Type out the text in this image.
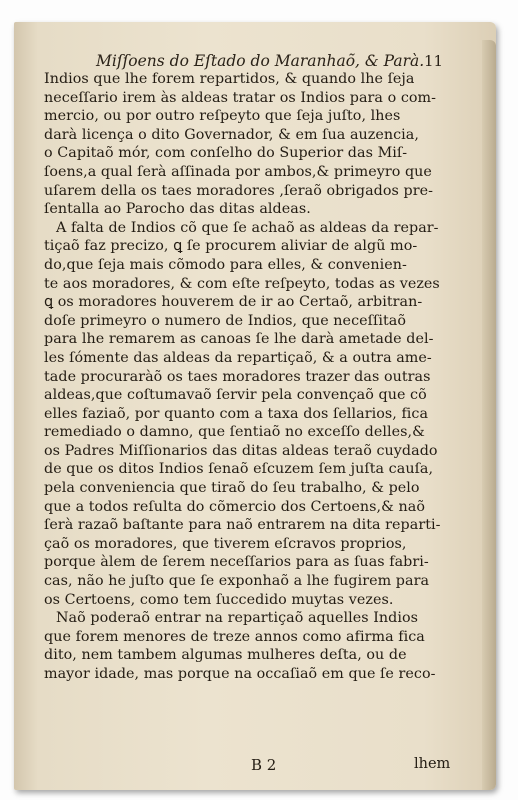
Miſſoens do Eſtado do Maranhaõ, & Parà. 11
Indios que lhe forem repartidos, & quando lhe ſeja
neceſſario irem às aldeas tratar os Indios para o com-
mercio, ou por outro reſpeyto que ſeja juſto, lhes
darà licença o dito Governador, & em ſua auzencia,
o Capitaõ mór, com conſelho do Superior das Miſ-
ſoens,a qual ſerà aſſinada por ambos,& primeyro que
uſarem della os taes moradores ,ſeraõ obrigados pre-
ſentalla ao Parocho das ditas aldeas.
A falta de Indios cõ que ſe achaõ as aldeas da repar-
tiçaõ faz precizo, ꝗ ſe procurem aliviar de algũ mo-
do,que ſeja mais cõmodo para elles, & convenien-
te aos moradores, & com eſte reſpeyto, todas as vezes
ꝗ os moradores houverem de ir ao Certaõ, arbitran-
doſe primeyro o numero de Indios, que neceſſitaõ
para lhe remarem as canoas ſe lhe darà ametade del-
les ſómente das aldeas da repartiçaõ, & a outra ame-
tade procuraràõ os taes moradores trazer das outras
aldeas,que coſtumavaõ ſervir pela convençaõ que cõ
elles faziaõ, por quanto com a taxa dos ſellarios, fica
remediado o damno, que ſentiaõ no exceſſo delles,&
os Padres Miſſionarios das ditas aldeas teraõ cuydado
de que os ditos Indios ſenaõ eſcuzem ſem juſta cauſa,
pela conveniencia que tiraõ do ſeu trabalho, & pelo
que a todos reſulta do cõmercio dos Certoens,& naõ
ſerà razaõ baſtante para naõ entrarem na dita reparti-
çaõ os moradores, que tiverem eſcravos proprios,
porque àlem de ſerem neceſſarios para as ſuas fabri-
cas, não he juſto que ſe exponhaõ a lhe fugirem para
os Certoens, como tem ſuccedido muytas vezes.
Naõ poderaõ entrar na repartiçaõ aquelles Indios
que forem menores de treze annos como afirma fica
dito, nem tambem algumas mulheres deſta, ou de
mayor idade, mas porque na occaſiaõ em que ſe reco-
B 2	lhem
